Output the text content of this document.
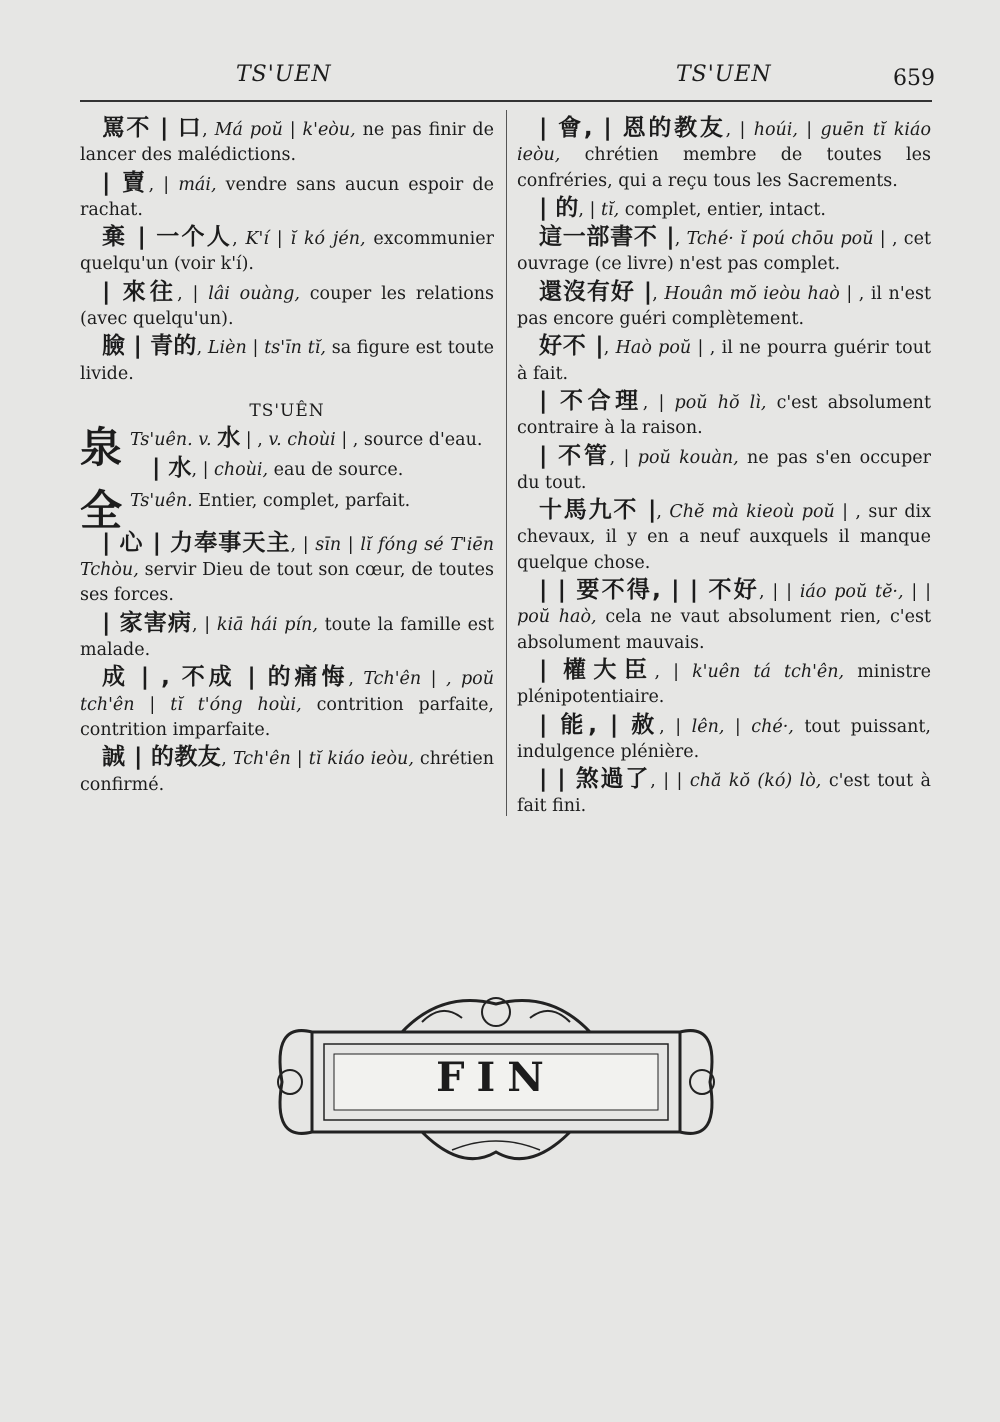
TS'UEN	TS'UEN	659
罵不 | 口, Má poŭ | k'eòu, ne pas finir de lancer des malédictions.
| 賣, | mái, vendre sans aucun espoir de rachat.
棄 | 一个人, K'í | ĭ kó jén, excommunier quelqu'un (voir k'í).
| 來往, | lâi ouàng, couper les relations (avec quelqu'un).
臉 | 青的, Lièn | ts'īn tĭ, sa figure est toute livide.
TS'UÊN
泉 Ts'uên. v. 水 | , v. choùi | , source d'eau.
| 水, | choùi, eau de source.
全 Ts'uên. Entier, complet, parfait.
| 心 | 力奉事天主, | sīn | lĭ fóng sé T'iēn Tchòu, servir Dieu de tout son cœur, de toutes ses forces.
| 家害病, | kiā hái pín, toute la famille est malade.
成 | , 不成 | 的痛悔, Tch'ên | , poŭ tch'ên | tĭ t'óng hoùi, contrition parfaite, contrition imparfaite.
誠 | 的教友, Tch'ên | tĭ kiáo ieòu, chrétien confirmé.
| 會, | 恩的教友, | hoúi, | guēn tĭ kiáo ieòu, chrétien membre de toutes les confréries, qui a reçu tous les Sacrements.
| 的, | tĭ, complet, entier, intact.
這一部書不 |, Tché· ĭ poú chōu poŭ | , cet ouvrage (ce livre) n'est pas complet.
還沒有好 |, Houân mŏ ieòu haò | , il n'est pas encore guéri complètement.
好不 |, Haò poŭ | , il ne pourra guérir tout à fait.
| 不合理, | poŭ hŏ lì, c'est absolument contraire à la raison.
| 不管, | poŭ kouàn, ne pas s'en occuper du tout.
十馬九不 |, Chĕ mà kieoù poŭ | , sur dix chevaux, il y en a neuf auxquels il manque quelque chose.
| | 要不得, | | 不好, | | iáo poŭ tĕ·, | | poŭ haò, cela ne vaut absolument rien, c'est absolument mauvais.
| 權大臣, | k'uên tá tch'ên, ministre plénipotentiaire.
| 能, | 赦, | lên, | ché·, tout puissant, indulgence plénière.
| | 煞過了, | | chă kŏ (kó) lò, c'est tout à fait fini.
FIN
